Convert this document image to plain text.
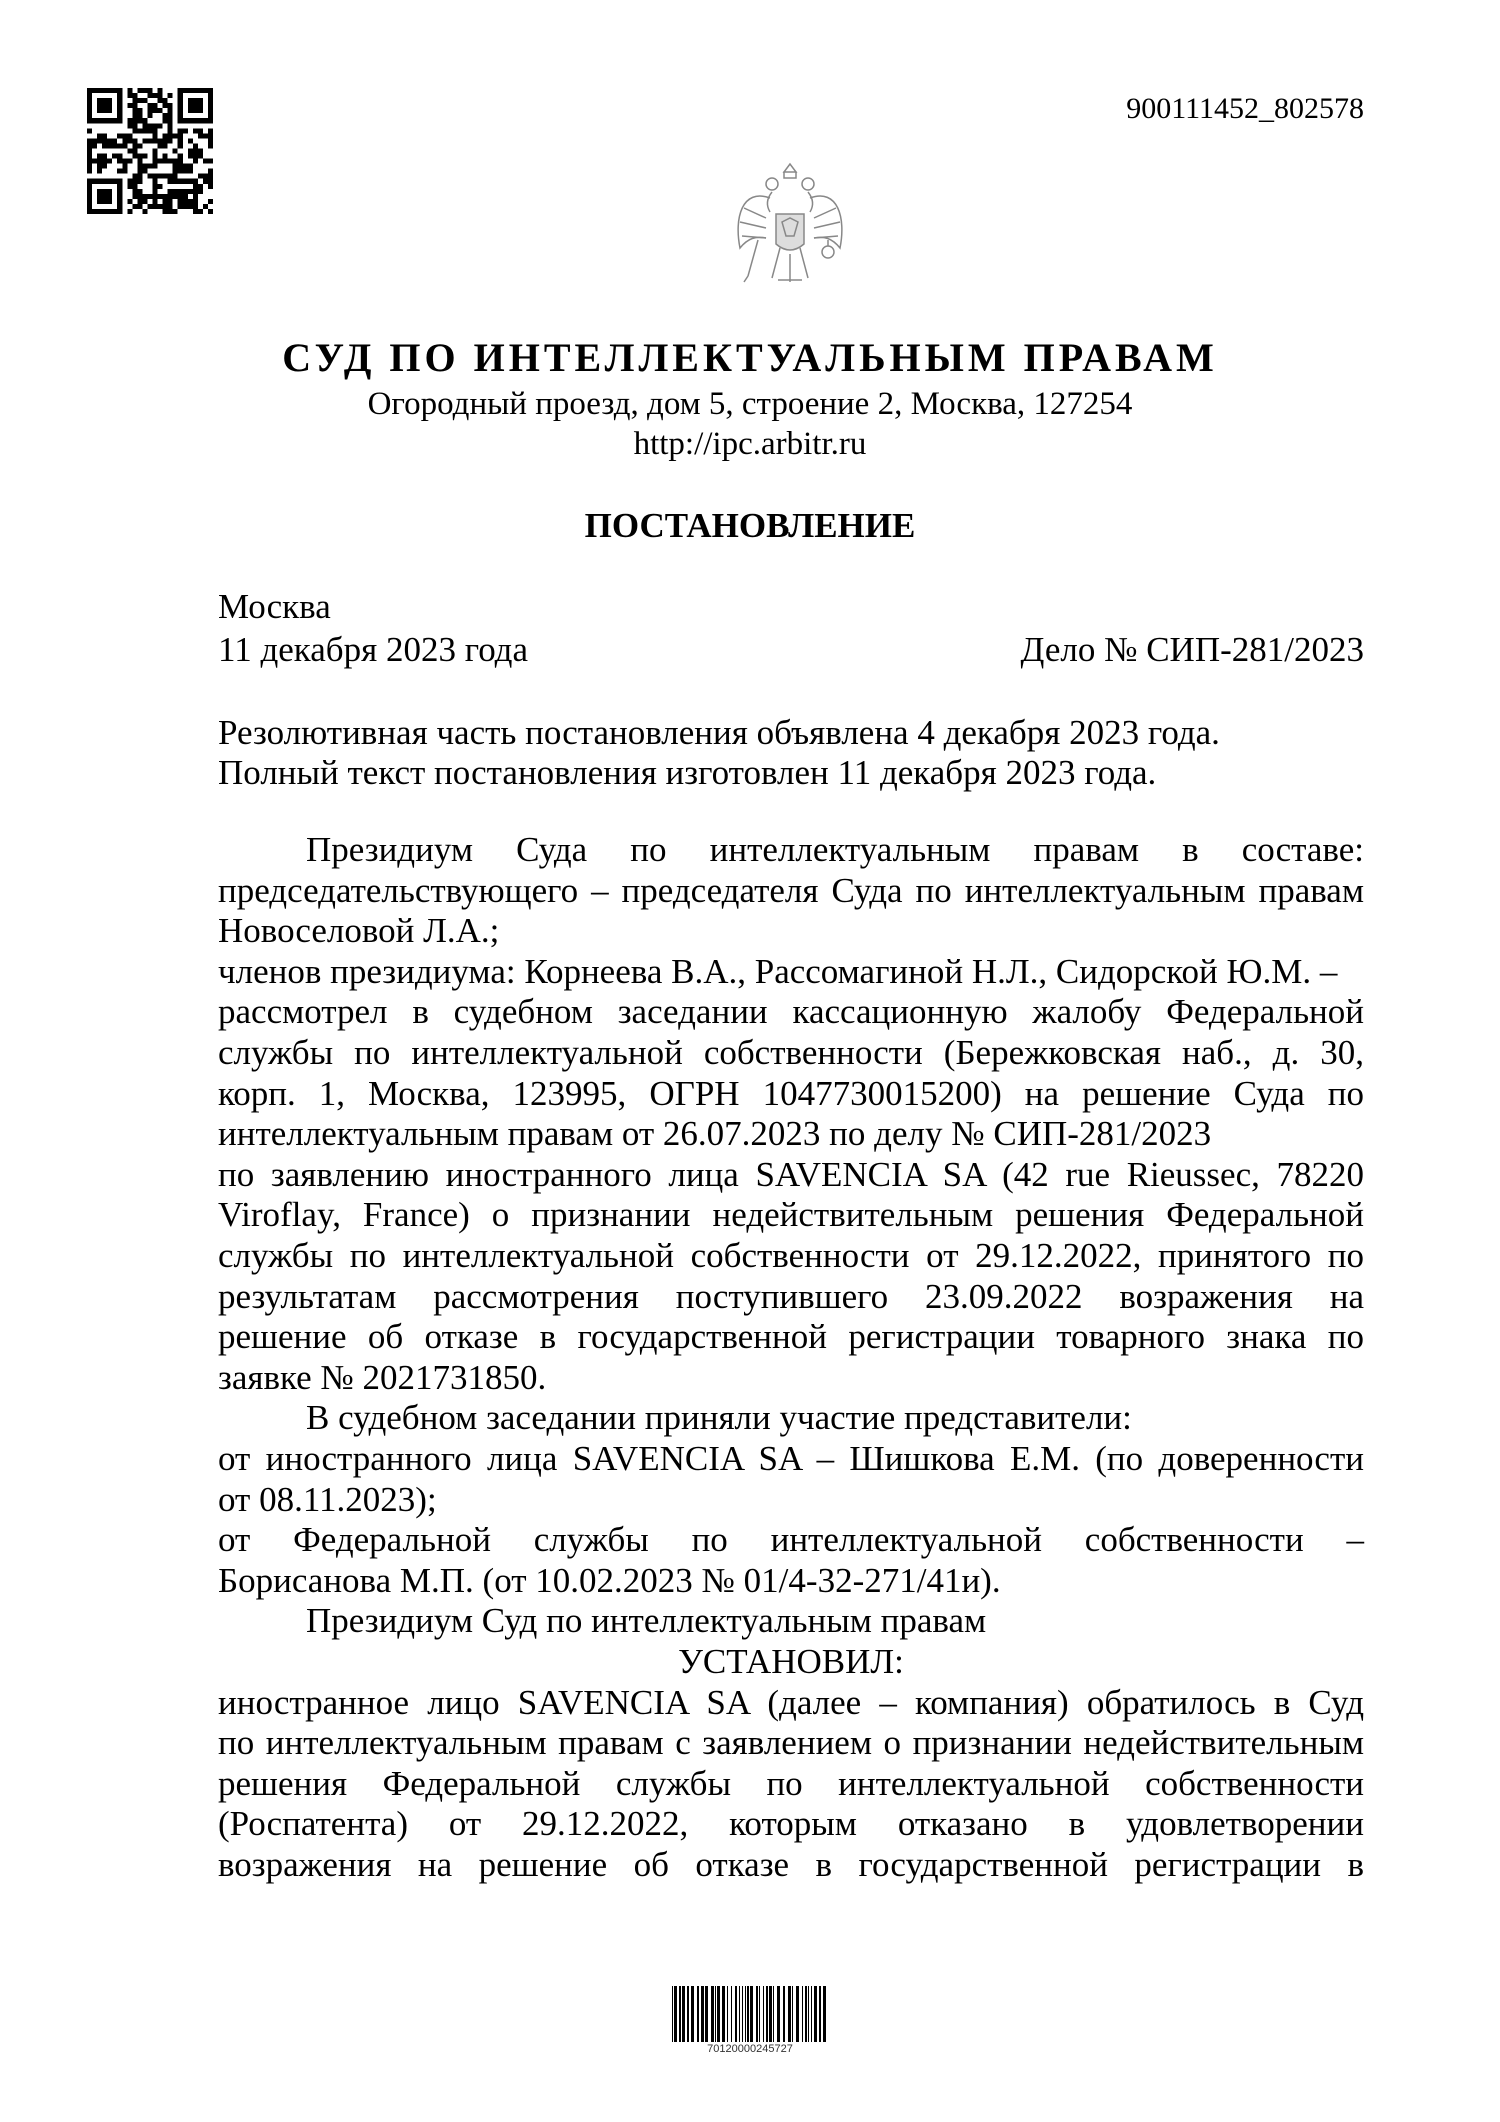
900111452_802578
СУД ПО ИНТЕЛЛЕКТУАЛЬНЫМ ПРАВАМ
Огородный проезд, дом 5, строение 2, Москва, 127254
http://ipc.arbitr.ru
ПОСТАНОВЛЕНИЕ
Москва
11 декабря 2023 года	Дело № СИП-281/2023
Резолютивная часть постановления объявлена 4 декабря 2023 года.
Полный текст постановления изготовлен 11 декабря 2023 года.
Президиум Суда по интеллектуальным правам в составе:
председательствующего – председателя Суда по интеллектуальным правам
Новоселовой Л.А.;
членов президиума: Корнеева В.А., Рассомагиной Н.Л., Сидорской Ю.М. –
рассмотрел в судебном заседании кассационную жалобу Федеральной
службы по интеллектуальной собственности (Бережковская наб., д. 30,
корп. 1, Москва, 123995, ОГРН 1047730015200) на решение Суда по
интеллектуальным правам от 26.07.2023 по делу № СИП-281/2023
по заявлению иностранного лица SAVENCIA SA (42 rue Rieussec, 78220
Viroflay, France) о признании недействительным решения Федеральной
службы по интеллектуальной собственности от 29.12.2022, принятого по
результатам рассмотрения поступившего 23.09.2022 возражения на
решение об отказе в государственной регистрации товарного знака по
заявке № 2021731850.
В судебном заседании приняли участие представители:
от иностранного лица SAVENCIA SA – Шишкова Е.М. (по доверенности
от 08.11.2023);
от Федеральной службы по интеллектуальной собственности –
Борисанова М.П. (от 10.02.2023 № 01/4-32-271/41и).
Президиум Суд по интеллектуальным правам
УСТАНОВИЛ:
иностранное лицо SAVENCIA SA (далее – компания) обратилось в Суд
по интеллектуальным правам с заявлением о признании недействительным
решения Федеральной службы по интеллектуальной собственности
(Роспатента) от 29.12.2022, которым отказано в удовлетворении
возражения на решение об отказе в государственной регистрации в
70120000245727
